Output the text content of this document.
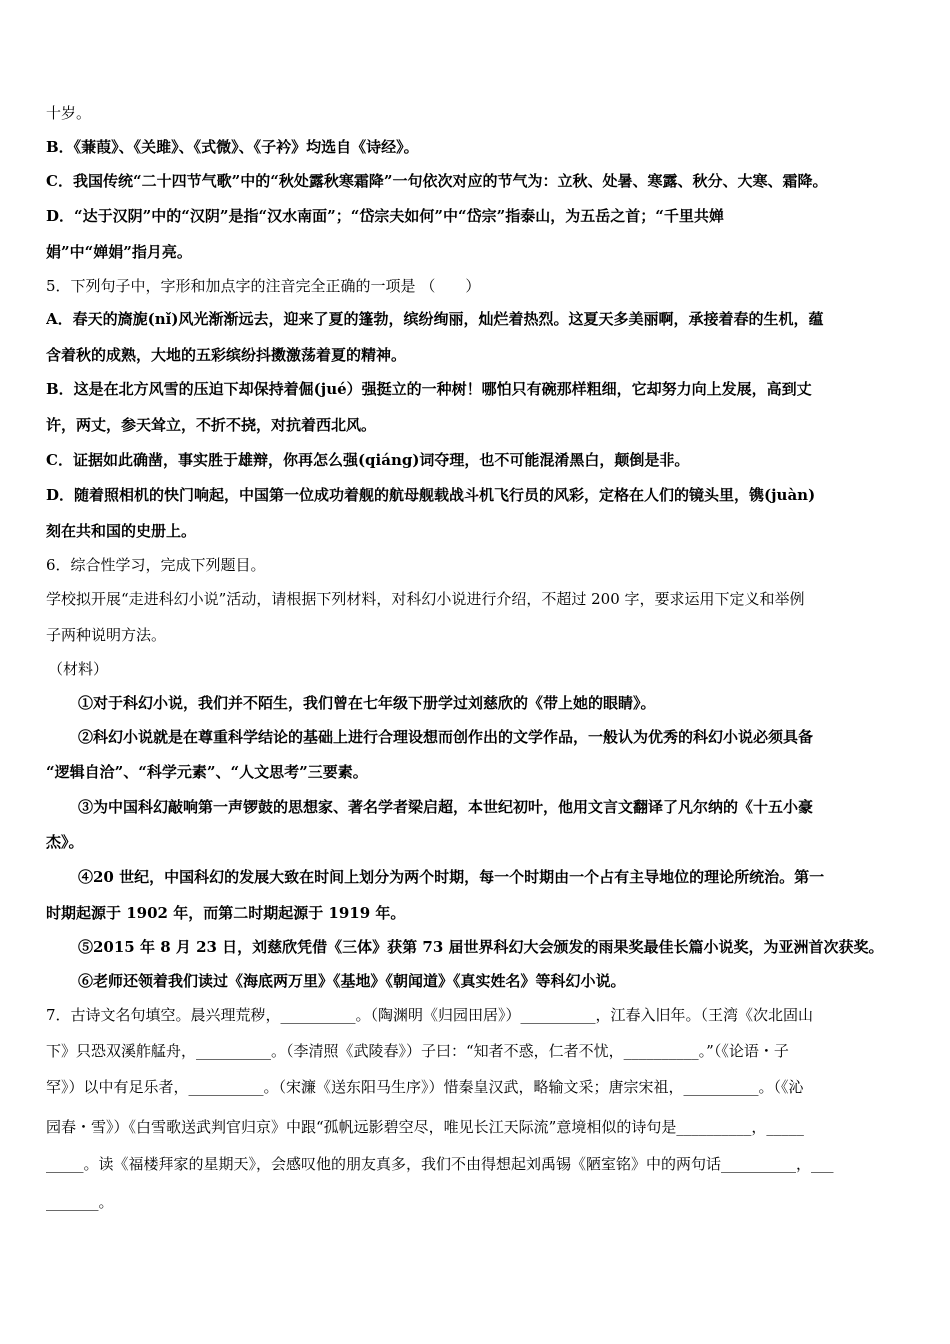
十岁。
B．《蒹葭》、《关雎》、《式微》、《子衿》均选自《诗经》。
C．我国传统“二十四节气歌”中的“秋处露秋寒霜降”一句依次对应的节气为：立秋、处暑、寒露、秋分、大寒、霜降。
D．“达于汉阴”中的“汉阴”是指“汉水南面”；“岱宗夫如何”中“岱宗”指泰山，为五岳之首；“千里共婵
娟”中“婵娟”指月亮。
5．下列句子中，字形和加点字的注音完全正确的一项是 （　　）
A．春天的旖旎(nǐ)风光渐渐远去，迎来了夏的篷勃，缤纷绚丽，灿烂着热烈。这夏天多美丽啊，承接着春的生机，蕴
含着秋的成熟，大地的五彩缤纷抖擞激荡着夏的精神。
B．这是在北方风雪的压迫下却保持着倔(jué）强挺立的一种树！哪怕只有碗那样粗细，它却努力向上发展，高到丈
许，两丈，参天耸立，不折不挠，对抗着西北风。
C．证据如此确凿，事实胜于雄辩，你再怎么强(qiáng)词夺理，也不可能混淆黑白，颠倒是非。
D．随着照相机的快门响起，中国第一位成功着舰的航母舰载战斗机飞行员的风彩，定格在人们的镜头里，镌(juàn)
刻在共和国的史册上。
6．综合性学习，完成下列题目。
学校拟开展“走进科幻小说”活动，请根据下列材料，对科幻小说进行介绍，不超过 200 字，要求运用下定义和举例
子两种说明方法。
（材料）
①对于科幻小说，我们并不陌生，我们曾在七年级下册学过刘慈欣的《带上她的眼睛》。
②科幻小说就是在尊重科学结论的基础上进行合理设想而创作出的文学作品，一般认为优秀的科幻小说必须具备
“逻辑自洽”、“科学元素”、“人文思考”三要素。
③为中国科幻敲响第一声锣鼓的思想家、著名学者梁启超，本世纪初叶，他用文言文翻译了凡尔纳的《十五小豪
杰》。
④20 世纪，中国科幻的发展大致在时间上划分为两个时期，每一个时期由一个占有主导地位的理论所统治。第一
时期起源于 1902 年，而第二时期起源于 1919 年。
⑤2015 年 8 月 23 日，刘慈欣凭借《三体》获第 73 届世界科幻大会颁发的雨果奖最佳长篇小说奖，为亚洲首次获奖。
⑥老师还领着我们读过《海底两万里》《基地》《朝闻道》《真实姓名》等科幻小说。
7．古诗文名句填空。晨兴理荒秽，__________。（陶渊明《归园田居》）__________，江春入旧年。（王湾《次北固山
下》只恐双溪舴艋舟，__________。（李清照《武陵春》）子曰：“知者不惑，仁者不忧，__________。”（《论语・子
罕》）以中有足乐者，__________。（宋濂《送东阳马生序》）惜秦皇汉武，略输文采；唐宗宋祖，__________。（《沁
园春・雪》）《白雪歌送武判官归京》中跟“孤帆远影碧空尽，唯见长江天际流”意境相似的诗句是__________，_____
_____。读《福楼拜家的星期天》，会感叹他的朋友真多，我们不由得想起刘禹锡《陋室铭》中的两句话__________，___
_______。
